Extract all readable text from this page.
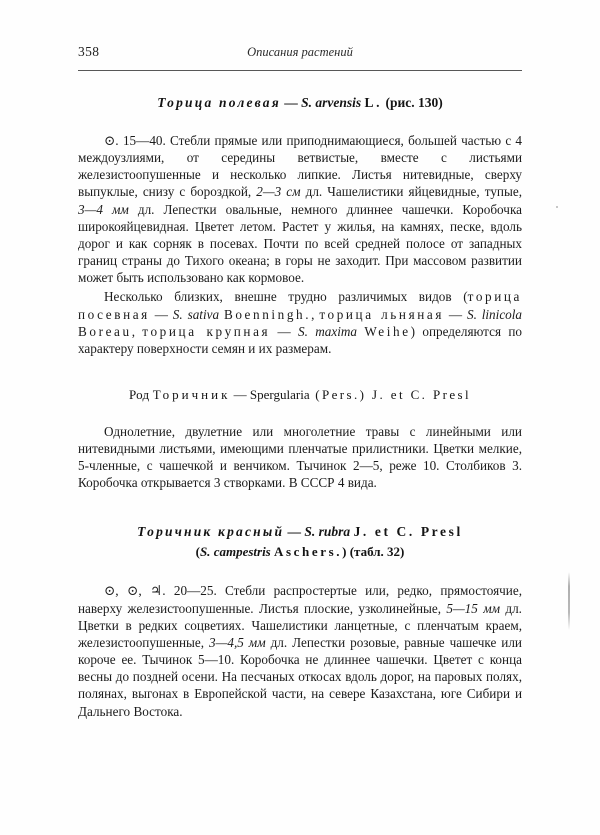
358	Описания растений
Торица полевая — S. arvensis L. (рис. 130)

⊙. 15—40. Стебли прямые или приподнимающиеся, большей частью с 4 междоузлиями, от середины ветвистые, вместе с листьями железистоопушенные и несколько липкие. Листья нитевидные, сверху выпуклые, снизу с бороздкой, 2—3 см дл. Чашелистики яйцевидные, тупые, 3—4 мм дл. Лепестки овальные, немного длиннее чашечки. Коробочка широкояйцевидная. Цветет летом. Растет у жилья, на камнях, песке, вдоль дорог и как сорняк в посевах. Почти по всей средней полосе от западных границ страны до Тихого океана; в горы не заходит. При массовом развитии может быть использовано как кормовое.

Несколько близких, внешне трудно различимых видов (торица посевная — S. sativa Boenningh., торица льняная — S. linicola Boreau, торица крупная — S. maxima Weihe) определяются по характеру поверхности семян и их размерам.

Род Торичник — Spergularia (Pers.) J. et C. Presl

Однолетние, двулетние или многолетние травы с линейными или нитевидными листьями, имеющими пленчатые прилистники. Цветки мелкие, 5-членные, с чашечкой и венчиком. Тычинок 2—5, реже 10. Столбиков 3. Коробочка открывается 3 створками. В СССР 4 вида.

Торичник красный — S. rubra J. et C. Presl
(S. campestris Aschers.) (табл. 32)

⊙, ⊙, ♃. 20—25. Стебли распростертые или, редко, прямостоячие, наверху железистоопушенные. Листья плоские, узколинейные, 5—15 мм дл. Цветки в редких соцветиях. Чашелистики ланцетные, с пленчатым краем, железистоопушенные, 3—4,5 мм дл. Лепестки розовые, равные чашечке или короче ее. Тычинок 5—10. Коробочка не длиннее чашечки. Цветет с конца весны до поздней осени. На песчаных откосах вдоль дорог, на паровых полях, полянах, выгонах в Европейской части, на севере Казахстана, юге Сибири и Дальнего Востока.
